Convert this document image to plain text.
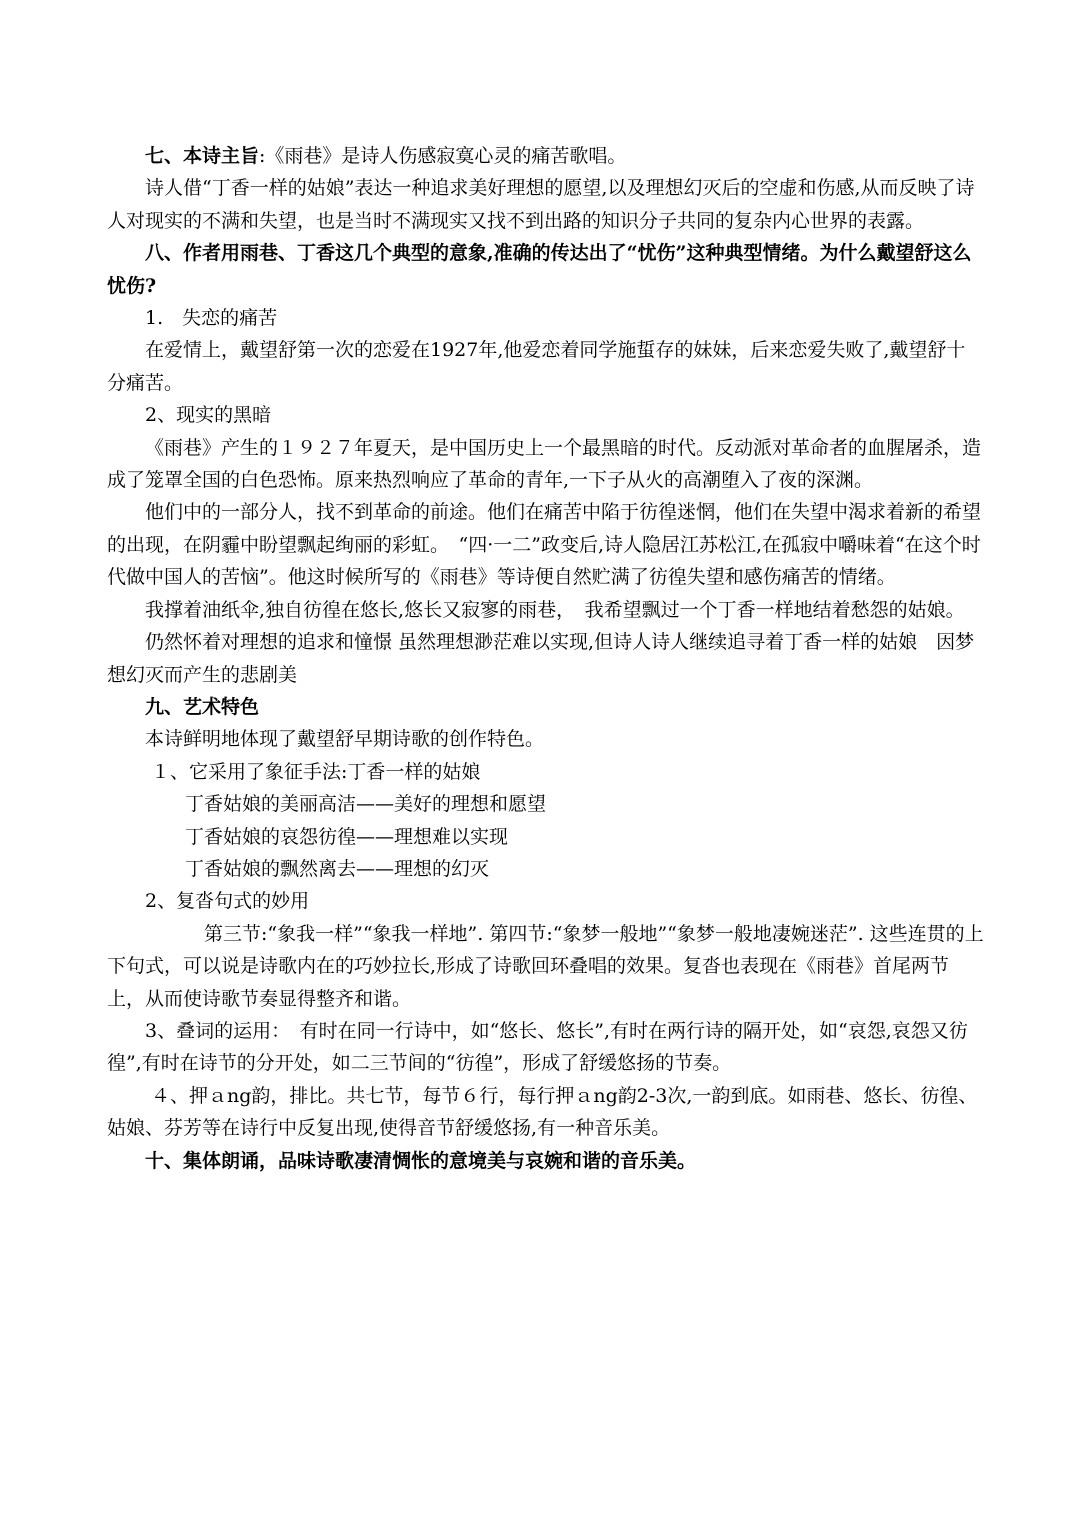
七、本诗主旨:《雨巷》是诗人伤感寂寞心灵的痛苦歌唱。

诗人借“丁香一样的姑娘”表达一种追求美好理想的愿望,以及理想幻灭后的空虚和伤感,从而反映了诗人对现实的不满和失望，也是当时不满现实又找不到出路的知识分子共同的复杂内心世界的表露。

八、作者用雨巷、丁香这几个典型的意象,准确的传达出了“忧伤”这种典型情绪。为什么戴望舒这么忧伤?

1.　失恋的痛苦

在爱情上，戴望舒第一次的恋爱在1927年,他爱恋着同学施蜇存的妹妹，后来恋爱失败了,戴望舒十分痛苦。

2、现实的黑暗

《雨巷》产生的１９２７年夏天，是中国历史上一个最黑暗的时代。反动派对革命者的血腥屠杀，造成了笼罩全国的白色恐怖。原来热烈响应了革命的青年,一下子从火的高潮堕入了夜的深渊。

他们中的一部分人，找不到革命的前途。他们在痛苦中陷于彷徨迷惘，他们在失望中渴求着新的希望的出现，在阴霾中盼望飘起绚丽的彩虹。　“四·一二”政变后,诗人隐居江苏松江,在孤寂中嚼味着“在这个时代做中国人的苦恼”。他这时候所写的《雨巷》等诗便自然贮满了彷徨失望和感伤痛苦的情绪。

我撑着油纸伞,独自彷徨在悠长,悠长又寂寥的雨巷，　我希望飘过一个丁香一样地结着愁怨的姑娘。

仍然怀着对理想的追求和憧憬 虽然理想渺茫难以实现,但诗人诗人继续追寻着丁香一样的姑娘　因梦想幻灭而产生的悲剧美

九、艺术特色

本诗鲜明地体现了戴望舒早期诗歌的创作特色。

１、它采用了象征手法:丁香一样的姑娘

丁香姑娘的美丽高洁——美好的理想和愿望

丁香姑娘的哀怨彷徨——理想难以实现

丁香姑娘的飘然离去——理想的幻灭

2、复沓句式的妙用

第三节:“象我一样”“象我一样地”. 第四节:“象梦一般地”“象梦一般地凄婉迷茫”. 这些连贯的上下句式，可以说是诗歌内在的巧妙拉长,形成了诗歌回环叠唱的效果。复沓也表现在《雨巷》首尾两节上，从而使诗歌节奏显得整齐和谐。

3、叠词的运用：　有时在同一行诗中，如“悠长、悠长”,有时在两行诗的隔开处，如“哀怨,哀怨又彷徨”,有时在诗节的分开处，如二三节间的“彷徨”，形成了舒缓悠扬的节奏。

４、押ａng韵，排比。共七节，每节６行，每行押ａng韵2-3次,一韵到底。如雨巷、悠长、彷徨、姑娘、芬芳等在诗行中反复出现,使得音节舒缓悠扬,有一种音乐美。

十、集体朗诵，品味诗歌凄清惆怅的意境美与哀婉和谐的音乐美。
